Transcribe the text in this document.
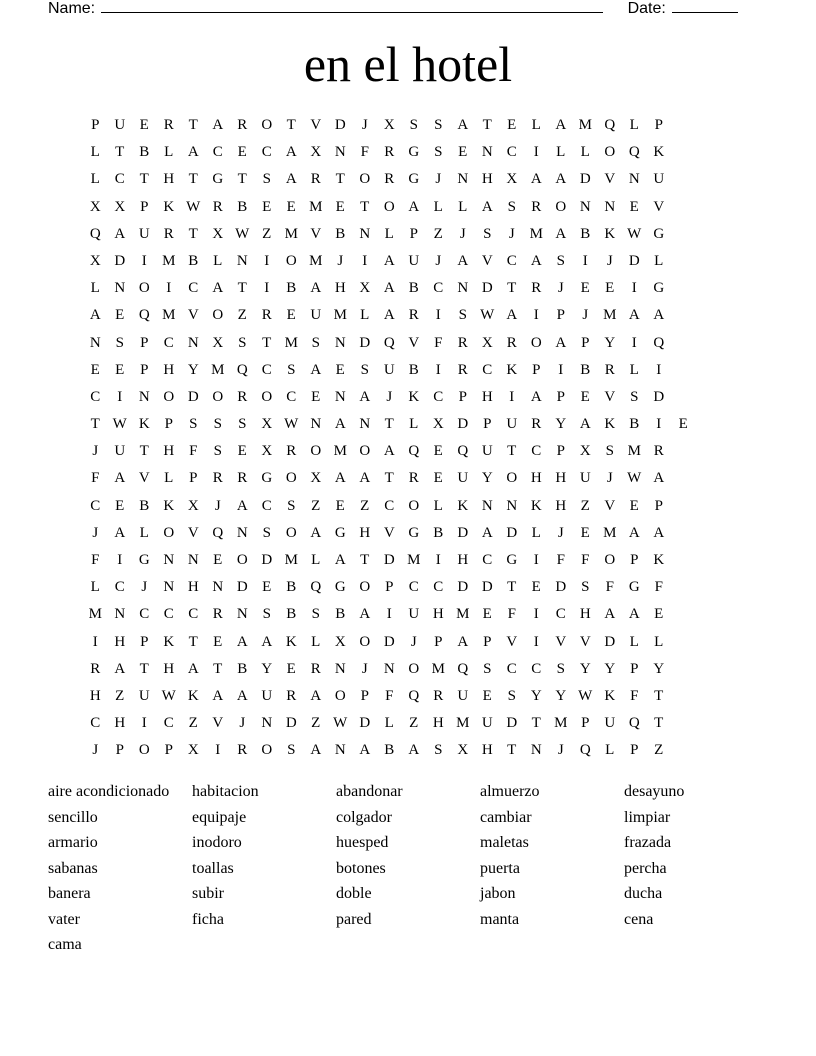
Name:	Date:
en el hotel
P U E R T A R O T V D	J	X S	S A T	E	L A M Q L	P
L	T B L A C E C A X N F	R G S	E N C	I	L	L O Q K
L C T H T G T	S A R T O R G	J	N H X A A D V N U
X X P K W R B E	E M E	T O A L	L A S	R O N N E V
Q A U R T X W Z M V B N L	P	Z	J	S	J M A B K W G
X D	I	M B L N	I	O M J	I	A U	J	A V C A S	I	J	D L
L N O	I	C A T	I	B A H X A B C N D T R	J	E	E	I	G
A E Q M V O Z R E U M L A R	I	S W A	I	P	J M A A
N S	P	C N X S	T M S N D Q V F	R X R O A P Y	I	Q
E	E	P H Y M Q C	S A E	S U B	I	R C K P	I	B R L	I
C	I	N O D O R O C E N A	J	K C	P H	I	A P	E V S D
T W K P	S	S	S X W N A N T	L X D P U R Y A K B	I	E
J	U T H F	S	E X R O M O A Q E Q U T C	P X S M R
F A V L	P	R R G O X A A T R E U Y O H H U	J W A
C E B K X	J	A C	S	Z	E	Z C O L K N N K H Z V E	P
J	A L O V Q N S O A G H V G B D A D L	J	E M A A
F	I	G N N E O D M L A T D M	I	H C G	I	F	F O P K
L C	J	N H N D E B Q G O P	C C D D T	E D S	F G F
M N C C C R N S	B	S	B A	I	U H M E	F	I	C H A A E
I	H P K T	E A A K L X O D	J	P A P V	I	V V D L	L
R A T H A T B Y E R N	J	N O M Q S	C C	S Y Y P Y
H Z U W K A A U R A O P	F Q R U E	S Y Y W K F	T
C H	I	C Z V	J	N D Z W D L	Z H M U D T M P U Q T
J	P O P X	I	R O S A N A B A S X H T N	J	Q L	P	Z
aire acondicionado	habitacion	abandonar	almuerzo	desayuno
sencillo	equipaje	colgador	cambiar	limpiar
armario	inodoro	huesped	maletas	frazada
sabanas	toallas	botones	puerta	percha
banera	subir	doble	jabon	ducha
vater	ficha	pared	manta	cena
cama
